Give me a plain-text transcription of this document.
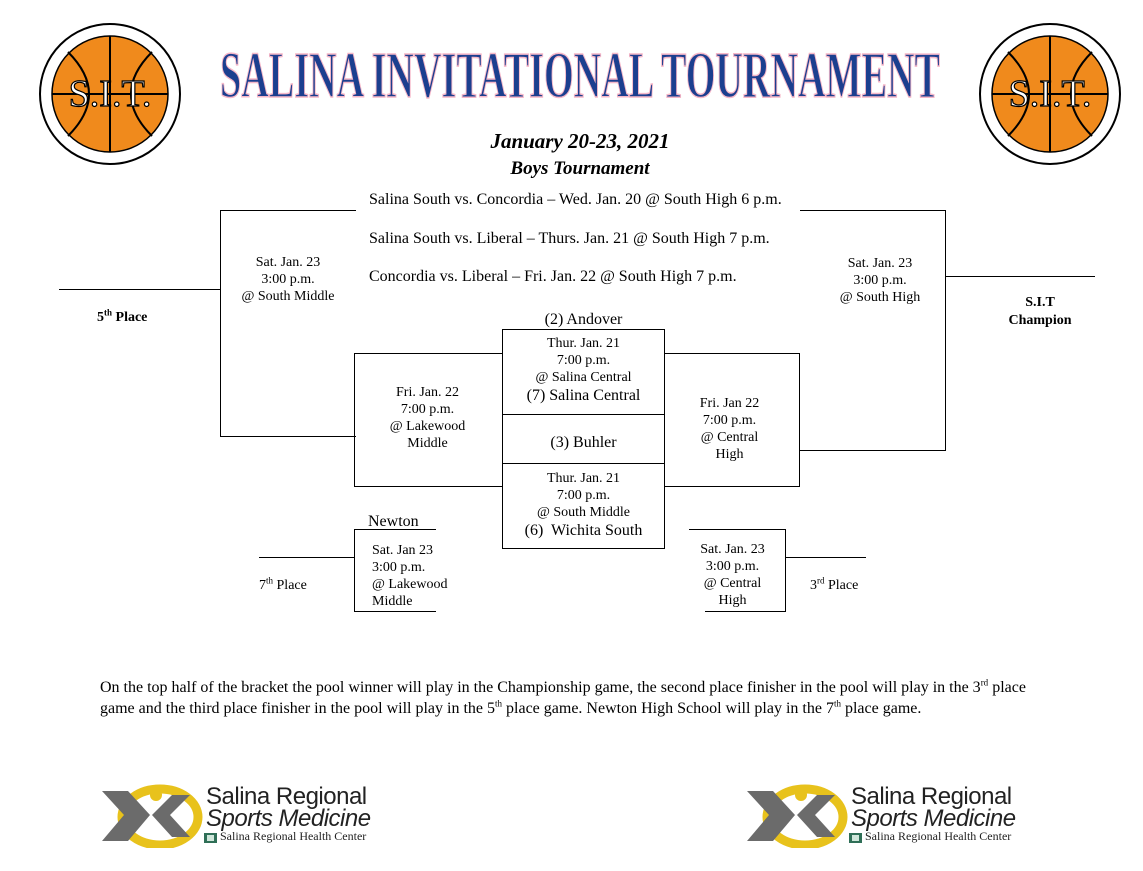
S.I.T.	S.I.T.
SALINA INVITATIONAL TOURNAMENT
January 20-23, 2021
Boys Tournament
Salina South vs. Concordia – Wed. Jan. 20 @ South High 6 p.m.
Salina South vs. Liberal – Thurs. Jan. 21 @ South High 7 p.m.
Concordia vs. Liberal – Fri. Jan. 22 @ South High 7 p.m.
Sat. Jan. 23
3:00 p.m.
@ South Middle
5th Place
Sat. Jan. 23
3:00 p.m.
@ South High	S.I.T
Champion
Fri. Jan. 22
7:00 p.m.
@ Lakewood
Middle
Fri. Jan 22
7:00 p.m.
@ Central
High
(2) Andover
Thur. Jan. 21
7:00 p.m.
@ Salina Central
(7) Salina Central
(3) Buhler
Thur. Jan. 21
7:00 p.m.
@ South Middle
(6)  Wichita South
Newton
Sat. Jan 23
3:00 p.m.
@ Lakewood
Middle
7th Place
Sat. Jan. 23
3:00 p.m.
@ Central
High
3rd Place
On the top half of the bracket the pool winner will play in the Championship game, the second place finisher in the pool will play in the 3rd place game and the third place finisher in the pool will play in the 5th place game. Newton High School will play in the 7th place game.
Salina Regional
Sports Medicine
Salina Regional Health Center
Salina Regional
Sports Medicine
Salina Regional Health Center
